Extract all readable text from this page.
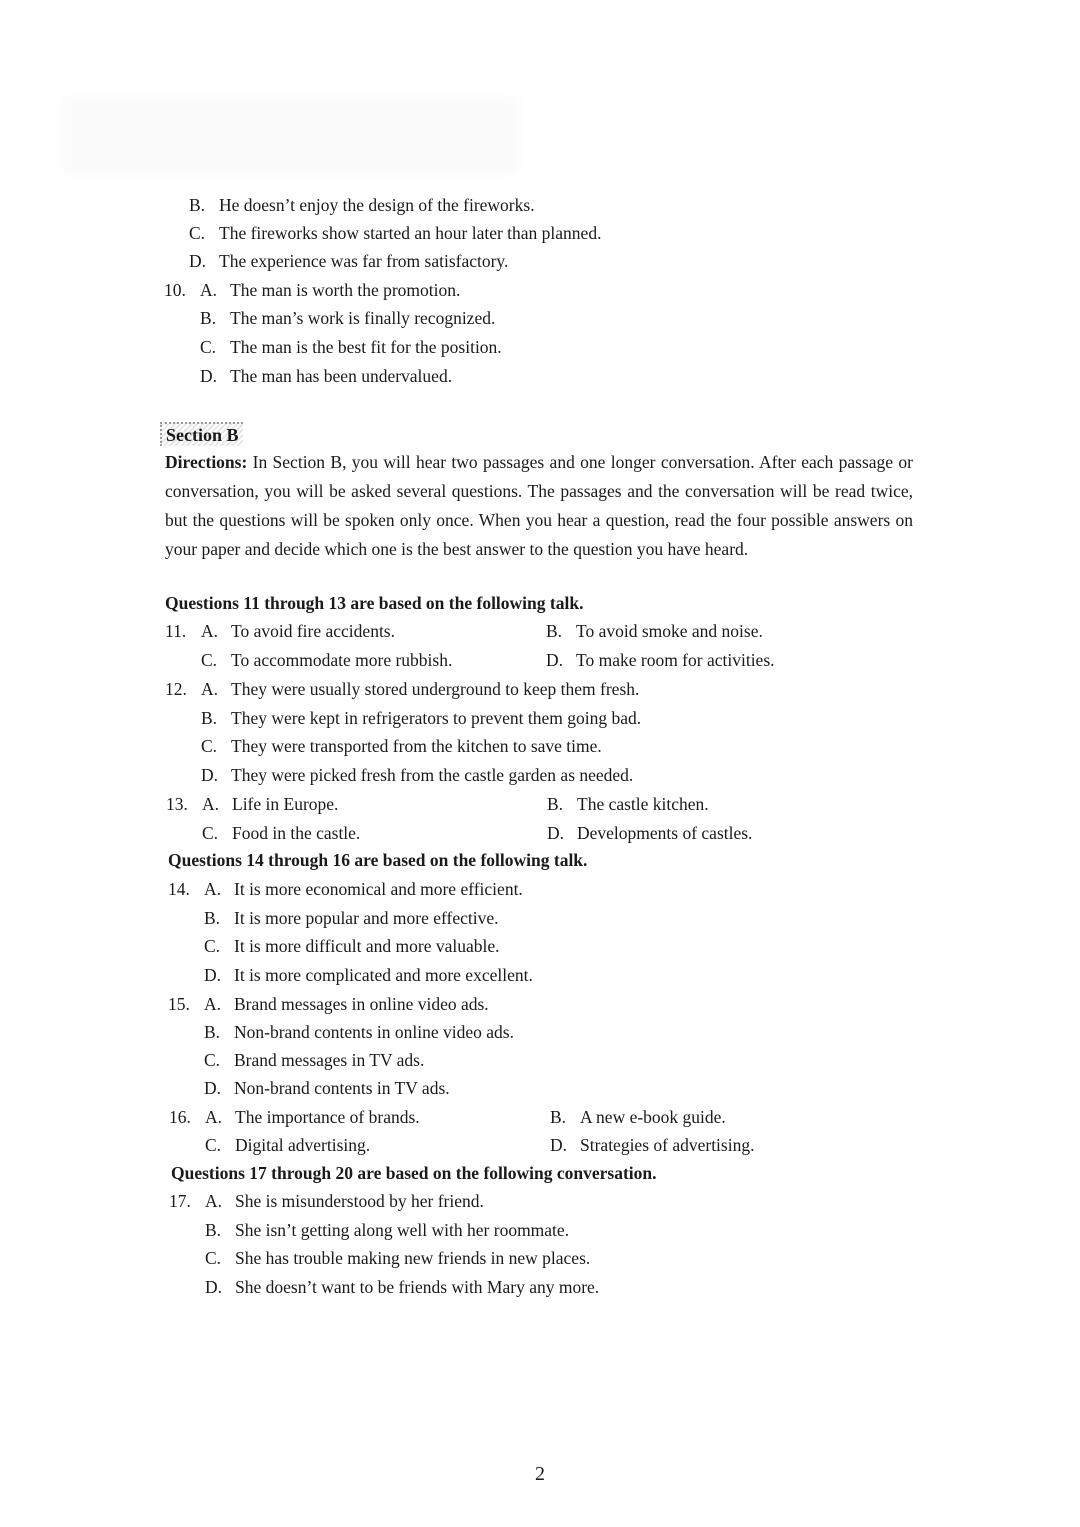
B. He doesn’t enjoy the design of the fireworks.
C. The fireworks show started an hour later than planned.
D. The experience was far from satisfactory.
10. A. The man is worth the promotion.
B. The man’s work is finally recognized.
C. The man is the best fit for the position.
D. The man has been undervalued.
Section B
Directions: In Section B, you will hear two passages and one longer conversation. After each passage or conversation, you will be asked several questions. The passages and the conversation will be read twice, but the questions will be spoken only once. When you hear a question, read the four possible answers on your paper and decide which one is the best answer to the question you have heard.
Questions 11 through 13 are based on the following talk.
11. A. To avoid fire accidents.	B. To avoid smoke and noise.
C. To accommodate more rubbish.	D. To make room for activities.
12. A. They were usually stored underground to keep them fresh.
B. They were kept in refrigerators to prevent them going bad.
C. They were transported from the kitchen to save time.
D. They were picked fresh from the castle garden as needed.
13. A. Life in Europe.	B. The castle kitchen.
C. Food in the castle.	D. Developments of castles.
Questions 14 through 16 are based on the following talk.
14. A. It is more economical and more efficient.
B. It is more popular and more effective.
C. It is more difficult and more valuable.
D. It is more complicated and more excellent.
15. A. Brand messages in online video ads.
B. Non-brand contents in online video ads.
C. Brand messages in TV ads.
D. Non-brand contents in TV ads.
16. A. The importance of brands.	B. A new e-book guide.
C. Digital advertising.	D. Strategies of advertising.
Questions 17 through 20 are based on the following conversation.
17. A. She is misunderstood by her friend.
B. She isn’t getting along well with her roommate.
C. She has trouble making new friends in new places.
D. She doesn’t want to be friends with Mary any more.
2
